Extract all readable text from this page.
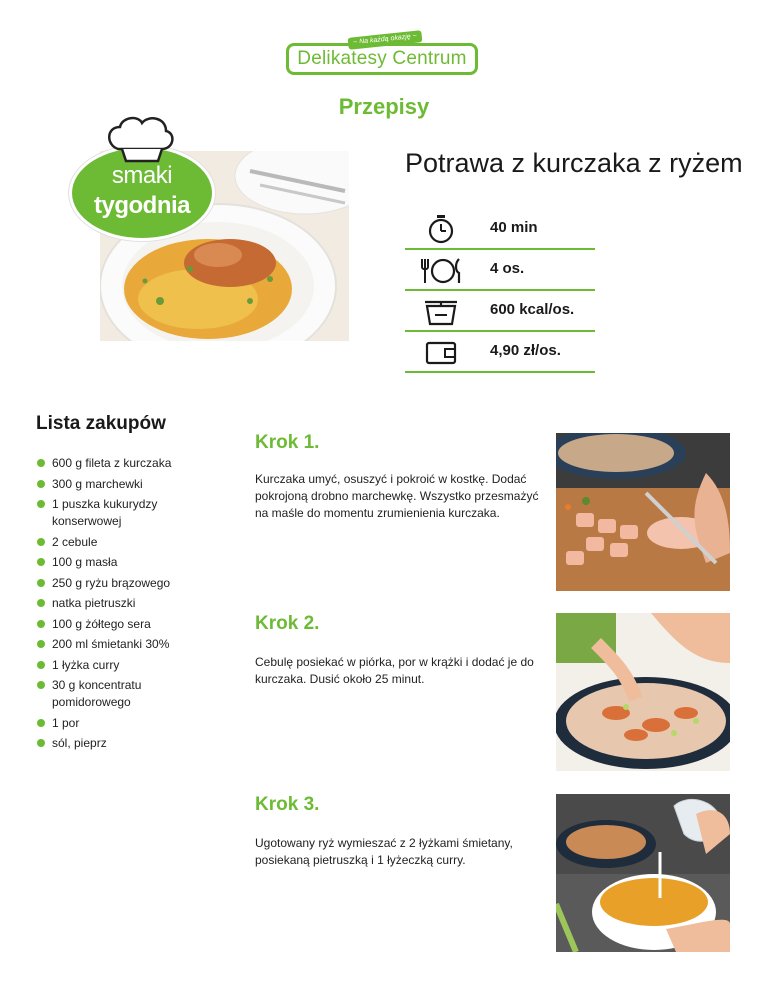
~ Na każdą okazję ~
Delikatesy Centrum
Przepisy
smaki
tygodnia
Potrawa z kurczaka z ryżem
40 min
4 os.
600 kcal/os.
4,90 zł/os.
Lista zakupów
600 g fileta z kurczaka
300 g marchewki
1 puszka kukurydzy konserwowej
2 cebule
100 g masła
250 g ryżu brązowego
natka pietruszki
100 g żółtego sera
200 ml śmietanki 30%
1 łyżka curry
30 g koncentratu pomidorowego
1 por
sól, pieprz
Krok 1.
Kurczaka umyć, osuszyć i pokroić w kostkę. Dodać pokrojoną drobno marchewkę. Wszystko przesmażyć na maśle do momentu zrumienienia kurczaka.
Krok 2.
Cebulę posiekać w piórka, por w krążki i dodać je do kurczaka. Dusić około 25 minut.
Krok 3.
Ugotowany ryż wymieszać z 2 łyżkami śmietany, posiekaną pietruszką i 1 łyżeczką curry.
